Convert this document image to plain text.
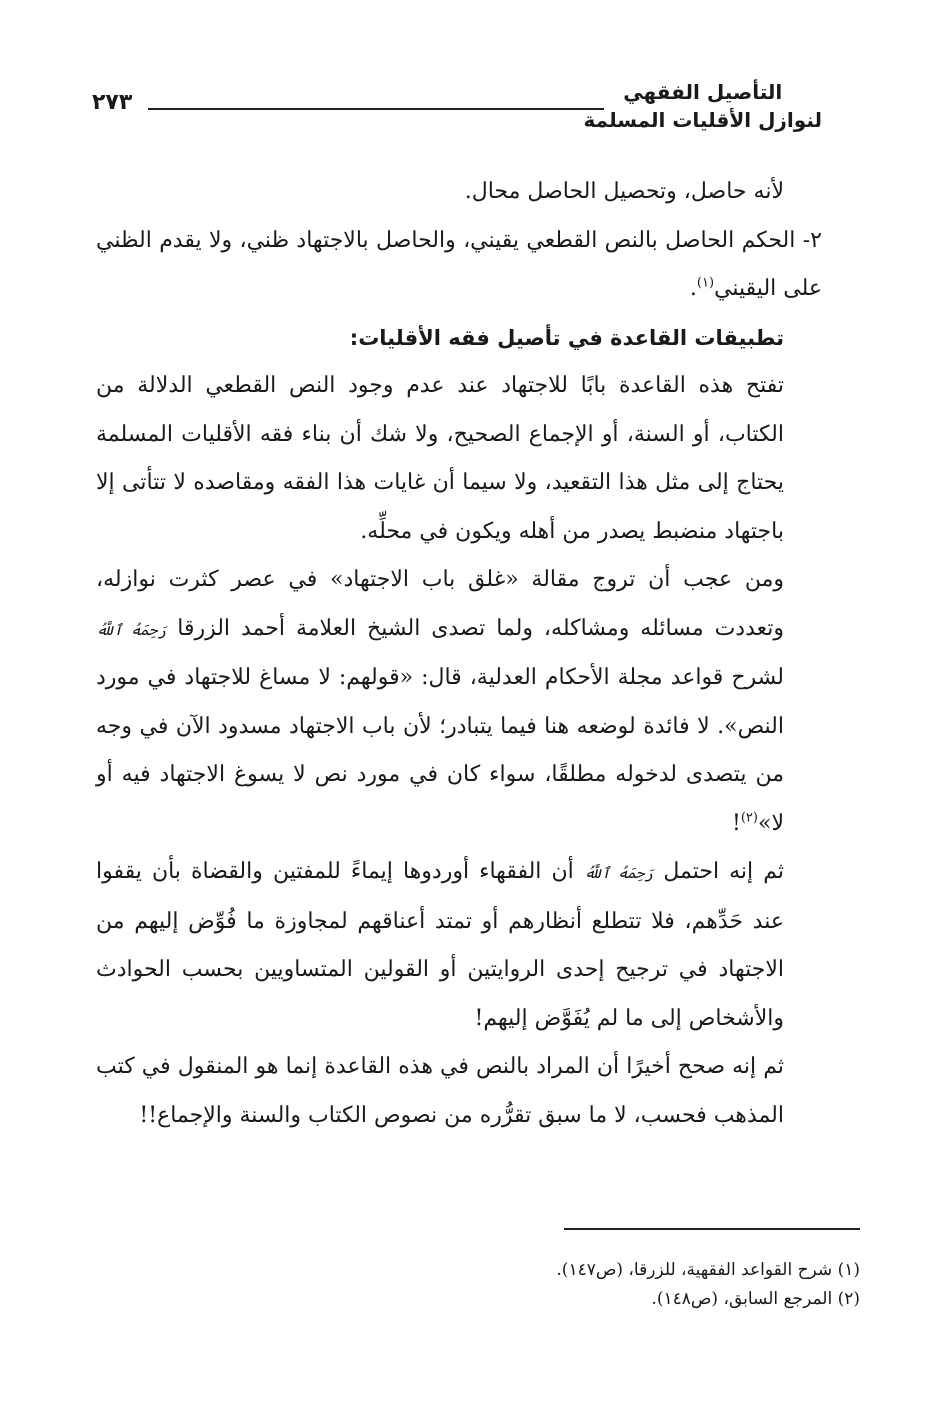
التأصيل الفقهي
لنوازل الأقليات المسلمة
٢٧٣

لأنه حاصل، وتحصيل الحاصل محال.

٢- الحكم الحاصل بالنص القطعي يقيني، والحاصل بالاجتهاد ظني، ولا يقدم الظني على اليقيني$^{(١)}$.

تطبيقات القاعدة في تأصيل فقه الأقليات:

تفتح هذه القاعدة بابًا للاجتهاد عند عدم وجود النص القطعي الدلالة من الكتاب، أو السنة، أو الإجماع الصحيح، ولا شك أن بناء فقه الأقليات المسلمة يحتاج إلى مثل هذا التقعيد، ولا سيما أن غايات هذا الفقه ومقاصده لا تتأتى إلا باجتهاد منضبط يصدر من أهله ويكون في محلِّه.

ومن عجب أن تروج مقالة «غلق باب الاجتهاد» في عصر كثرت نوازله، وتعددت مسائله ومشاكله، ولما تصدى الشيخ العلامة أحمد الزرقا رَحِمَهُ ٱللَّهُ لشرح قواعد مجلة الأحكام العدلية، قال: «قولهم: لا مساغ للاجتهاد في مورد النص». لا فائدة لوضعه هنا فيما يتبادر؛ لأن باب الاجتهاد مسدود الآن في وجه من يتصدى لدخوله مطلقًا، سواء كان في مورد نص لا يسوغ الاجتهاد فيه أو لا»$^{(٢)}$!

ثم إنه احتمل رَحِمَهُ ٱللَّهُ أن الفقهاء أوردوها إيماءً للمفتين والقضاة بأن يقفوا عند حَدِّهم، فلا تتطلع أنظارهم أو تمتد أعناقهم لمجاوزة ما فُوِّض إليهم من الاجتهاد في ترجيح إحدى الروايتين أو القولين المتساويين بحسب الحوادث والأشخاص إلى ما لم يُفَوَّض إليهم!

ثم إنه صحح أخيرًا أن المراد بالنص في هذه القاعدة إنما هو المنقول في كتب المذهب فحسب، لا ما سبق تقرُّره من نصوص الكتاب والسنة والإجماع!!

(١) شرح القواعد الفقهية، للزرقا، (ص١٤٧).

(٢) المرجع السابق، (ص١٤٨).
